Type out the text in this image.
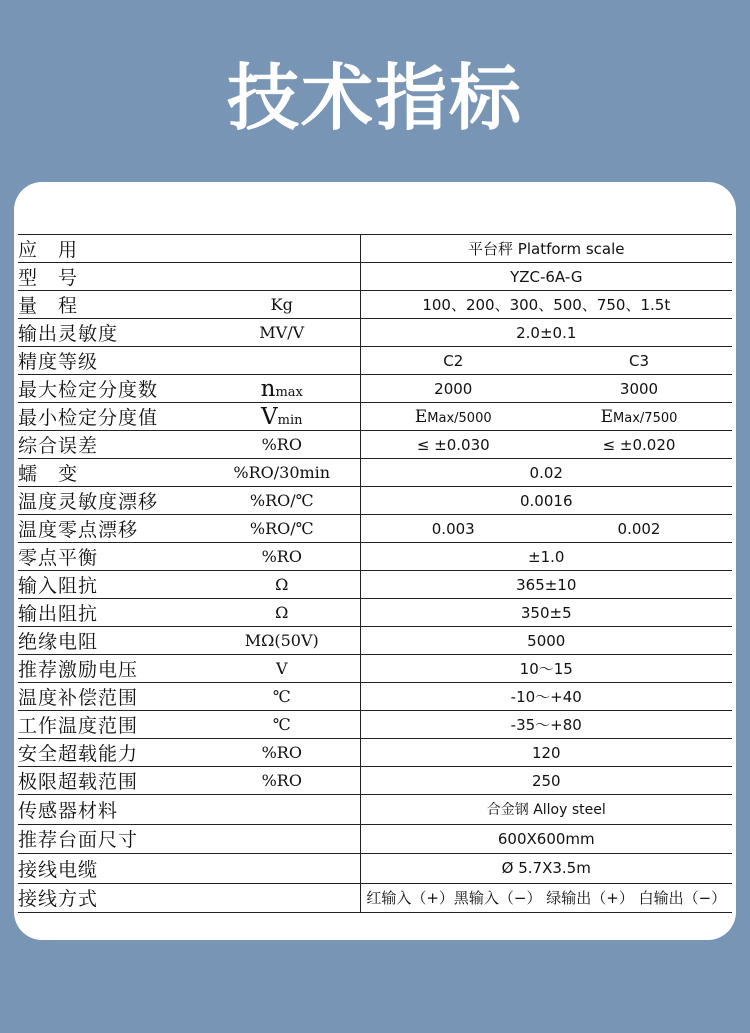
技术指标
应　用		平台秤 Platform scale	
型　号		YZC-6A-G	
量　程	Kg	100、200、300、500、750、1.5t	
输出灵敏度	MV/V	2.0±0.1	
精度等级		C2	C3
最大检定分度数	nmax	2000	3000
最小检定分度值	Vmin	EMax/5000	EMax/7500
综合误差	%RO	≤ ±0.030	≤ ±0.020
蠕　变	%RO/30min	0.02	
温度灵敏度漂移	%RO/℃	0.0016	
温度零点漂移	%RO/℃	0.003	0.002
零点平衡	%RO	±1.0	
输入阻抗	Ω	365±10	
输出阻抗	Ω	350±5	
绝缘电阻	MΩ(50V)	5000	
推荐激励电压	V	10～15	
温度补偿范围	℃	-10～+40	
工作温度范围	℃	-35～+80	
安全超载能力	%RO	120	
极限超载范围	%RO	250	
传感器材料		合金钢 Alloy steel	
推荐台面尺寸		600X600mm	
接线电缆		Ø 5.7X3.5m	
接线方式		红输入（+）黑输入（−） 绿输出（+） 白输出（−）	
